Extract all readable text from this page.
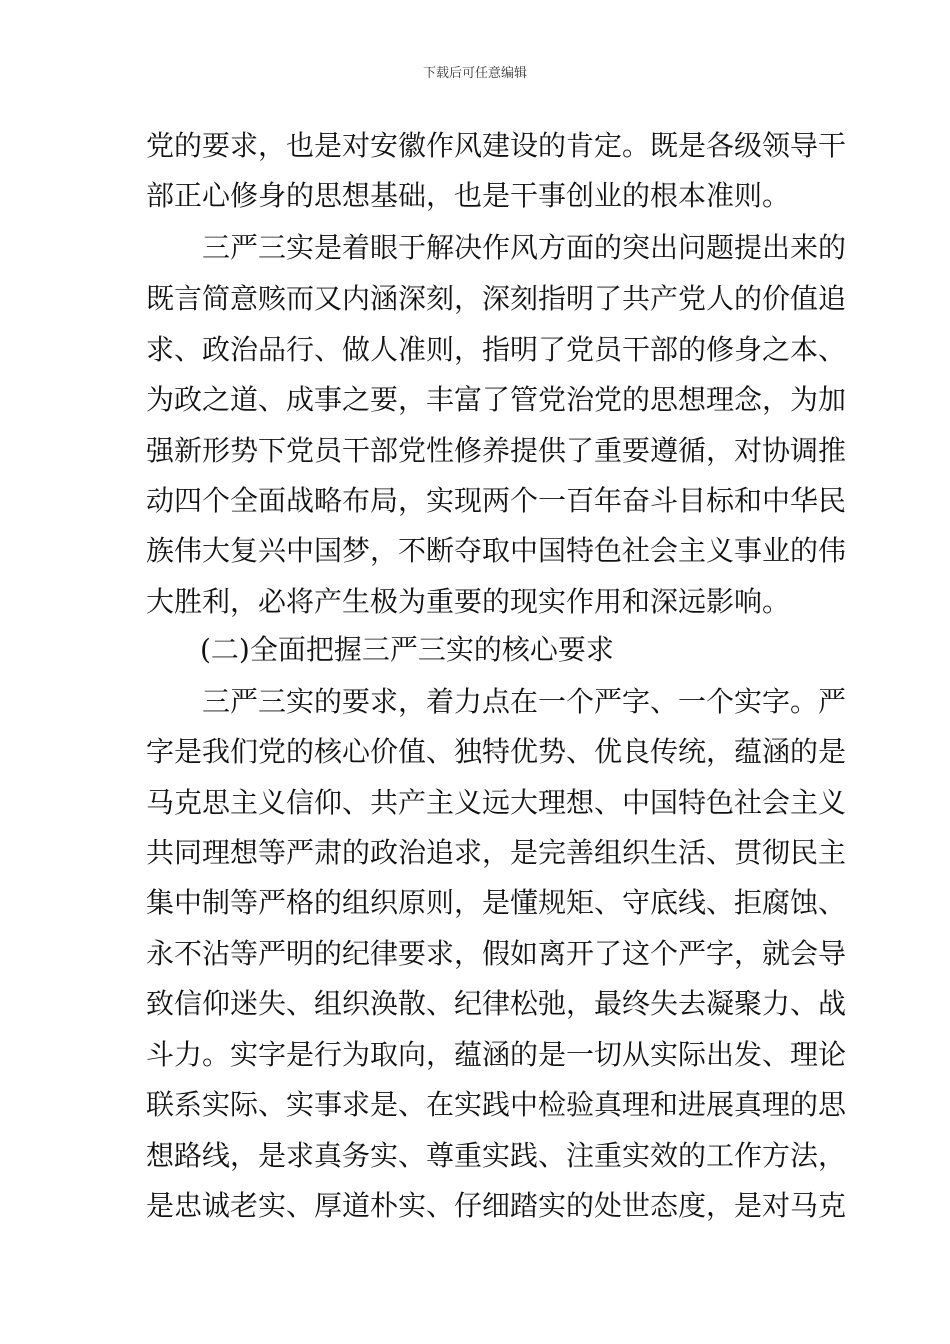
下载后可任意编辑
党的要求，也是对安徽作风建设的肯定。既是各级领导干
部正心修身的思想基础，也是干事创业的根本准则。
三严三实是着眼于解决作风方面的突出问题提出来的
既言简意赅而又内涵深刻，深刻指明了共产党人的价值追
求、政治品行、做人准则，指明了党员干部的修身之本、
为政之道、成事之要，丰富了管党治党的思想理念，为加
强新形势下党员干部党性修养提供了重要遵循，对协调推
动四个全面战略布局，实现两个一百年奋斗目标和中华民
族伟大复兴中国梦，不断夺取中国特色社会主义事业的伟
大胜利，必将产生极为重要的现实作用和深远影响。
(二)全面把握三严三实的核心要求
三严三实的要求，着力点在一个严字、一个实字。严
字是我们党的核心价值、独特优势、优良传统，蕴涵的是
马克思主义信仰、共产主义远大理想、中国特色社会主义
共同理想等严肃的政治追求，是完善组织生活、贯彻民主
集中制等严格的组织原则，是懂规矩、守底线、拒腐蚀、
永不沾等严明的纪律要求，假如离开了这个严字，就会导
致信仰迷失、组织涣散、纪律松弛，最终失去凝聚力、战
斗力。实字是行为取向，蕴涵的是一切从实际出发、理论
联系实际、实事求是、在实践中检验真理和进展真理的思
想路线，是求真务实、尊重实践、注重实效的工作方法，
是忠诚老实、厚道朴实、仔细踏实的处世态度，是对马克
